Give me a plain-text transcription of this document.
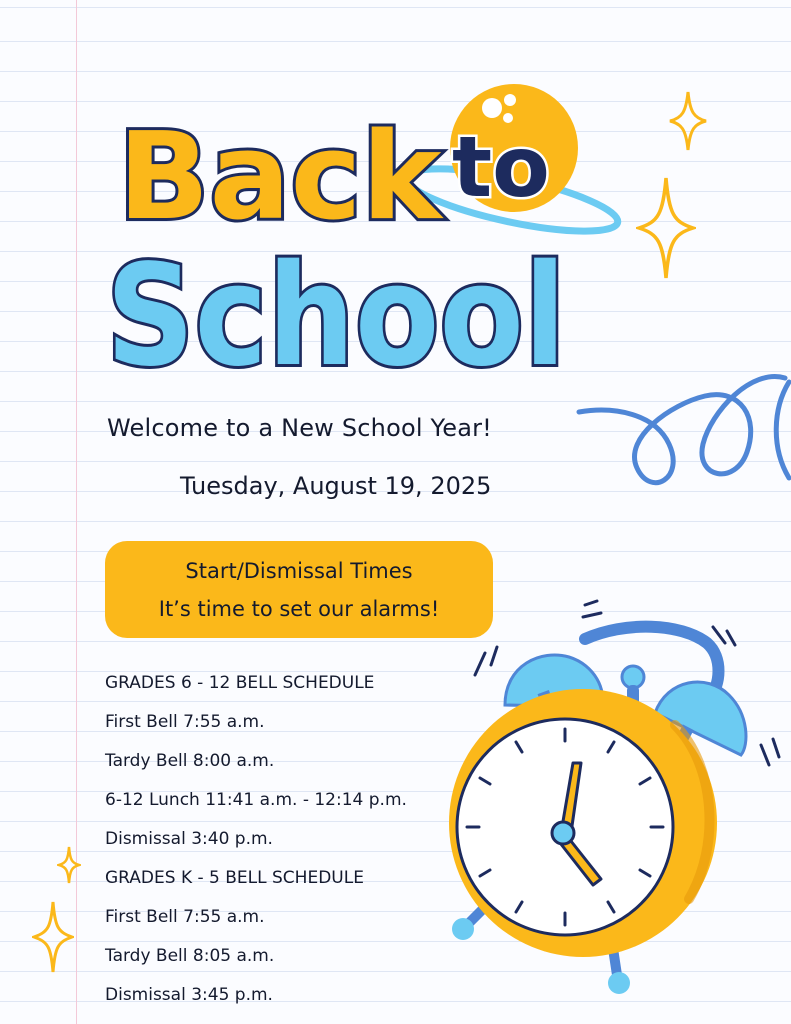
Back to
School
Welcome to a New School Year!
Tuesday, August 19, 2025
Start/Dismissal Times
It’s time to set our alarms!
GRADES 6 - 12 BELL SCHEDULE
First Bell 7:55 a.m.
Tardy Bell 8:00 a.m.
6-12 Lunch 11:41 a.m. - 12:14 p.m.
Dismissal 3:40 p.m.
GRADES K - 5 BELL SCHEDULE
First Bell 7:55 a.m.
Tardy Bell 8:05 a.m.
Dismissal 3:45 p.m.
